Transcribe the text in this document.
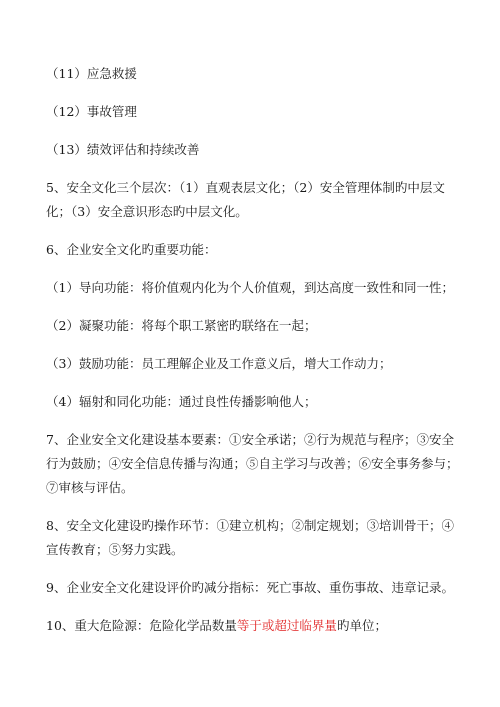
（11）应急救援

（12）事故管理

（13）绩效评估和持续改善

5、安全文化三个层次：（1）直观表层文化；（2）安全管理体制旳中层文化；（3）安全意识形态旳中层文化。

6、企业安全文化旳重要功能：

（1）导向功能：将价值观内化为个人价值观，到达高度一致性和同一性；

（2）凝聚功能：将每个职工紧密旳联络在一起；

（3）鼓励功能：员工理解企业及工作意义后，增大工作动力；

（4）辐射和同化功能：通过良性传播影响他人；

7、企业安全文化建设基本要素：①安全承诺；②行为规范与程序；③安全行为鼓励；④安全信息传播与沟通；⑤自主学习与改善；⑥安全事务参与；⑦审核与评估。

8、安全文化建设旳操作环节：①建立机构；②制定规划；③培训骨干；④宣传教育；⑤努力实践。

9、企业安全文化建设评价旳减分指标：死亡事故、重伤事故、违章记录。

10、重大危险源：危险化学品数量等于或超过临界量旳单位；
